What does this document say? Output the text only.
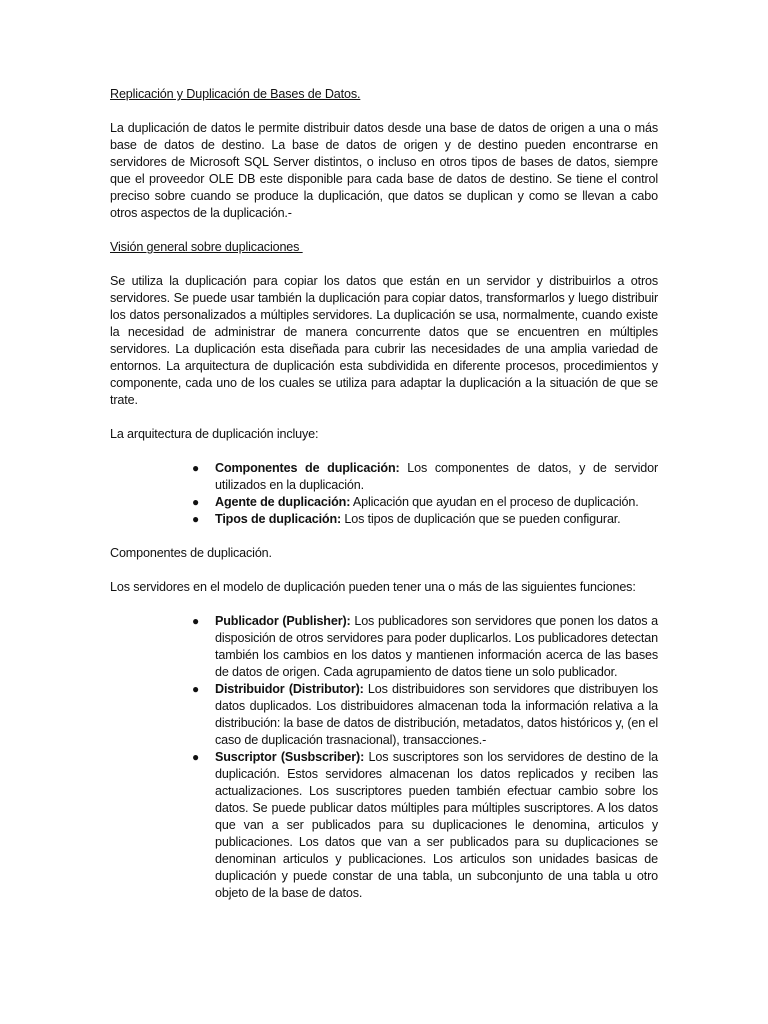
Replicación y Duplicación de Bases de Datos.

La duplicación de datos le permite distribuir datos desde una base de datos de origen a una o más base de datos de destino. La base de datos de origen y de destino pueden encontrarse en servidores de Microsoft SQL Server distintos, o incluso en otros tipos de bases de datos, siempre que el proveedor OLE DB este disponible para cada base de datos de destino. Se tiene el control preciso sobre cuando se produce la duplicación, que datos se duplican y como se llevan a cabo otros aspectos de la duplicación.-

Visión general sobre duplicaciones

Se utiliza la duplicación para copiar los datos que están en un servidor y distribuirlos a otros servidores. Se puede usar también la duplicación para copiar datos, transformarlos y luego distribuir los datos personalizados a múltiples servidores. La duplicación se usa, normalmente, cuando existe la necesidad de administrar de manera concurrente datos que se encuentren en múltiples servidores. La duplicación esta diseñada para cubrir las necesidades de una amplia variedad de entornos. La arquitectura de duplicación esta subdividida en diferente procesos, procedimientos y componente, cada uno de los cuales se utiliza para adaptar la duplicación a la situación de que se trate.

La arquitectura de duplicación incluye:

● Componentes de duplicación: Los componentes de datos, y de servidor utilizados en la duplicación.
● Agente de duplicación: Aplicación que ayudan en el proceso de duplicación.
● Tipos de duplicación: Los tipos de duplicación que se pueden configurar.

Componentes de duplicación.

Los servidores en el modelo de duplicación pueden tener una o más de las siguientes funciones:

● Publicador (Publisher): Los publicadores son servidores que ponen los datos a disposición de otros servidores para poder duplicarlos. Los publicadores detectan también los cambios en los datos y mantienen información acerca de las bases de datos de origen. Cada agrupamiento de datos tiene un solo publicador.
● Distribuidor (Distributor): Los distribuidores son servidores que distribuyen los datos duplicados. Los distribuidores almacenan toda la información relativa a la distribución: la base de datos de distribución, metadatos, datos históricos y, (en el caso de duplicación trasnacional), transacciones.-
● Suscriptor (Susbscriber): Los suscriptores son los servidores de destino de la duplicación. Estos servidores almacenan los datos replicados y reciben las actualizaciones. Los suscriptores pueden también efectuar cambio sobre los datos. Se puede publicar datos múltiples para múltiples suscriptores. A los datos que van a ser publicados para su duplicaciones le denomina, articulos y publicaciones. Los datos que van a ser publicados para su duplicaciones se denominan articulos y publicaciones. Los articulos son unidades basicas de duplicación y puede constar de una tabla, un subconjunto de una tabla u otro objeto de la base de datos.
